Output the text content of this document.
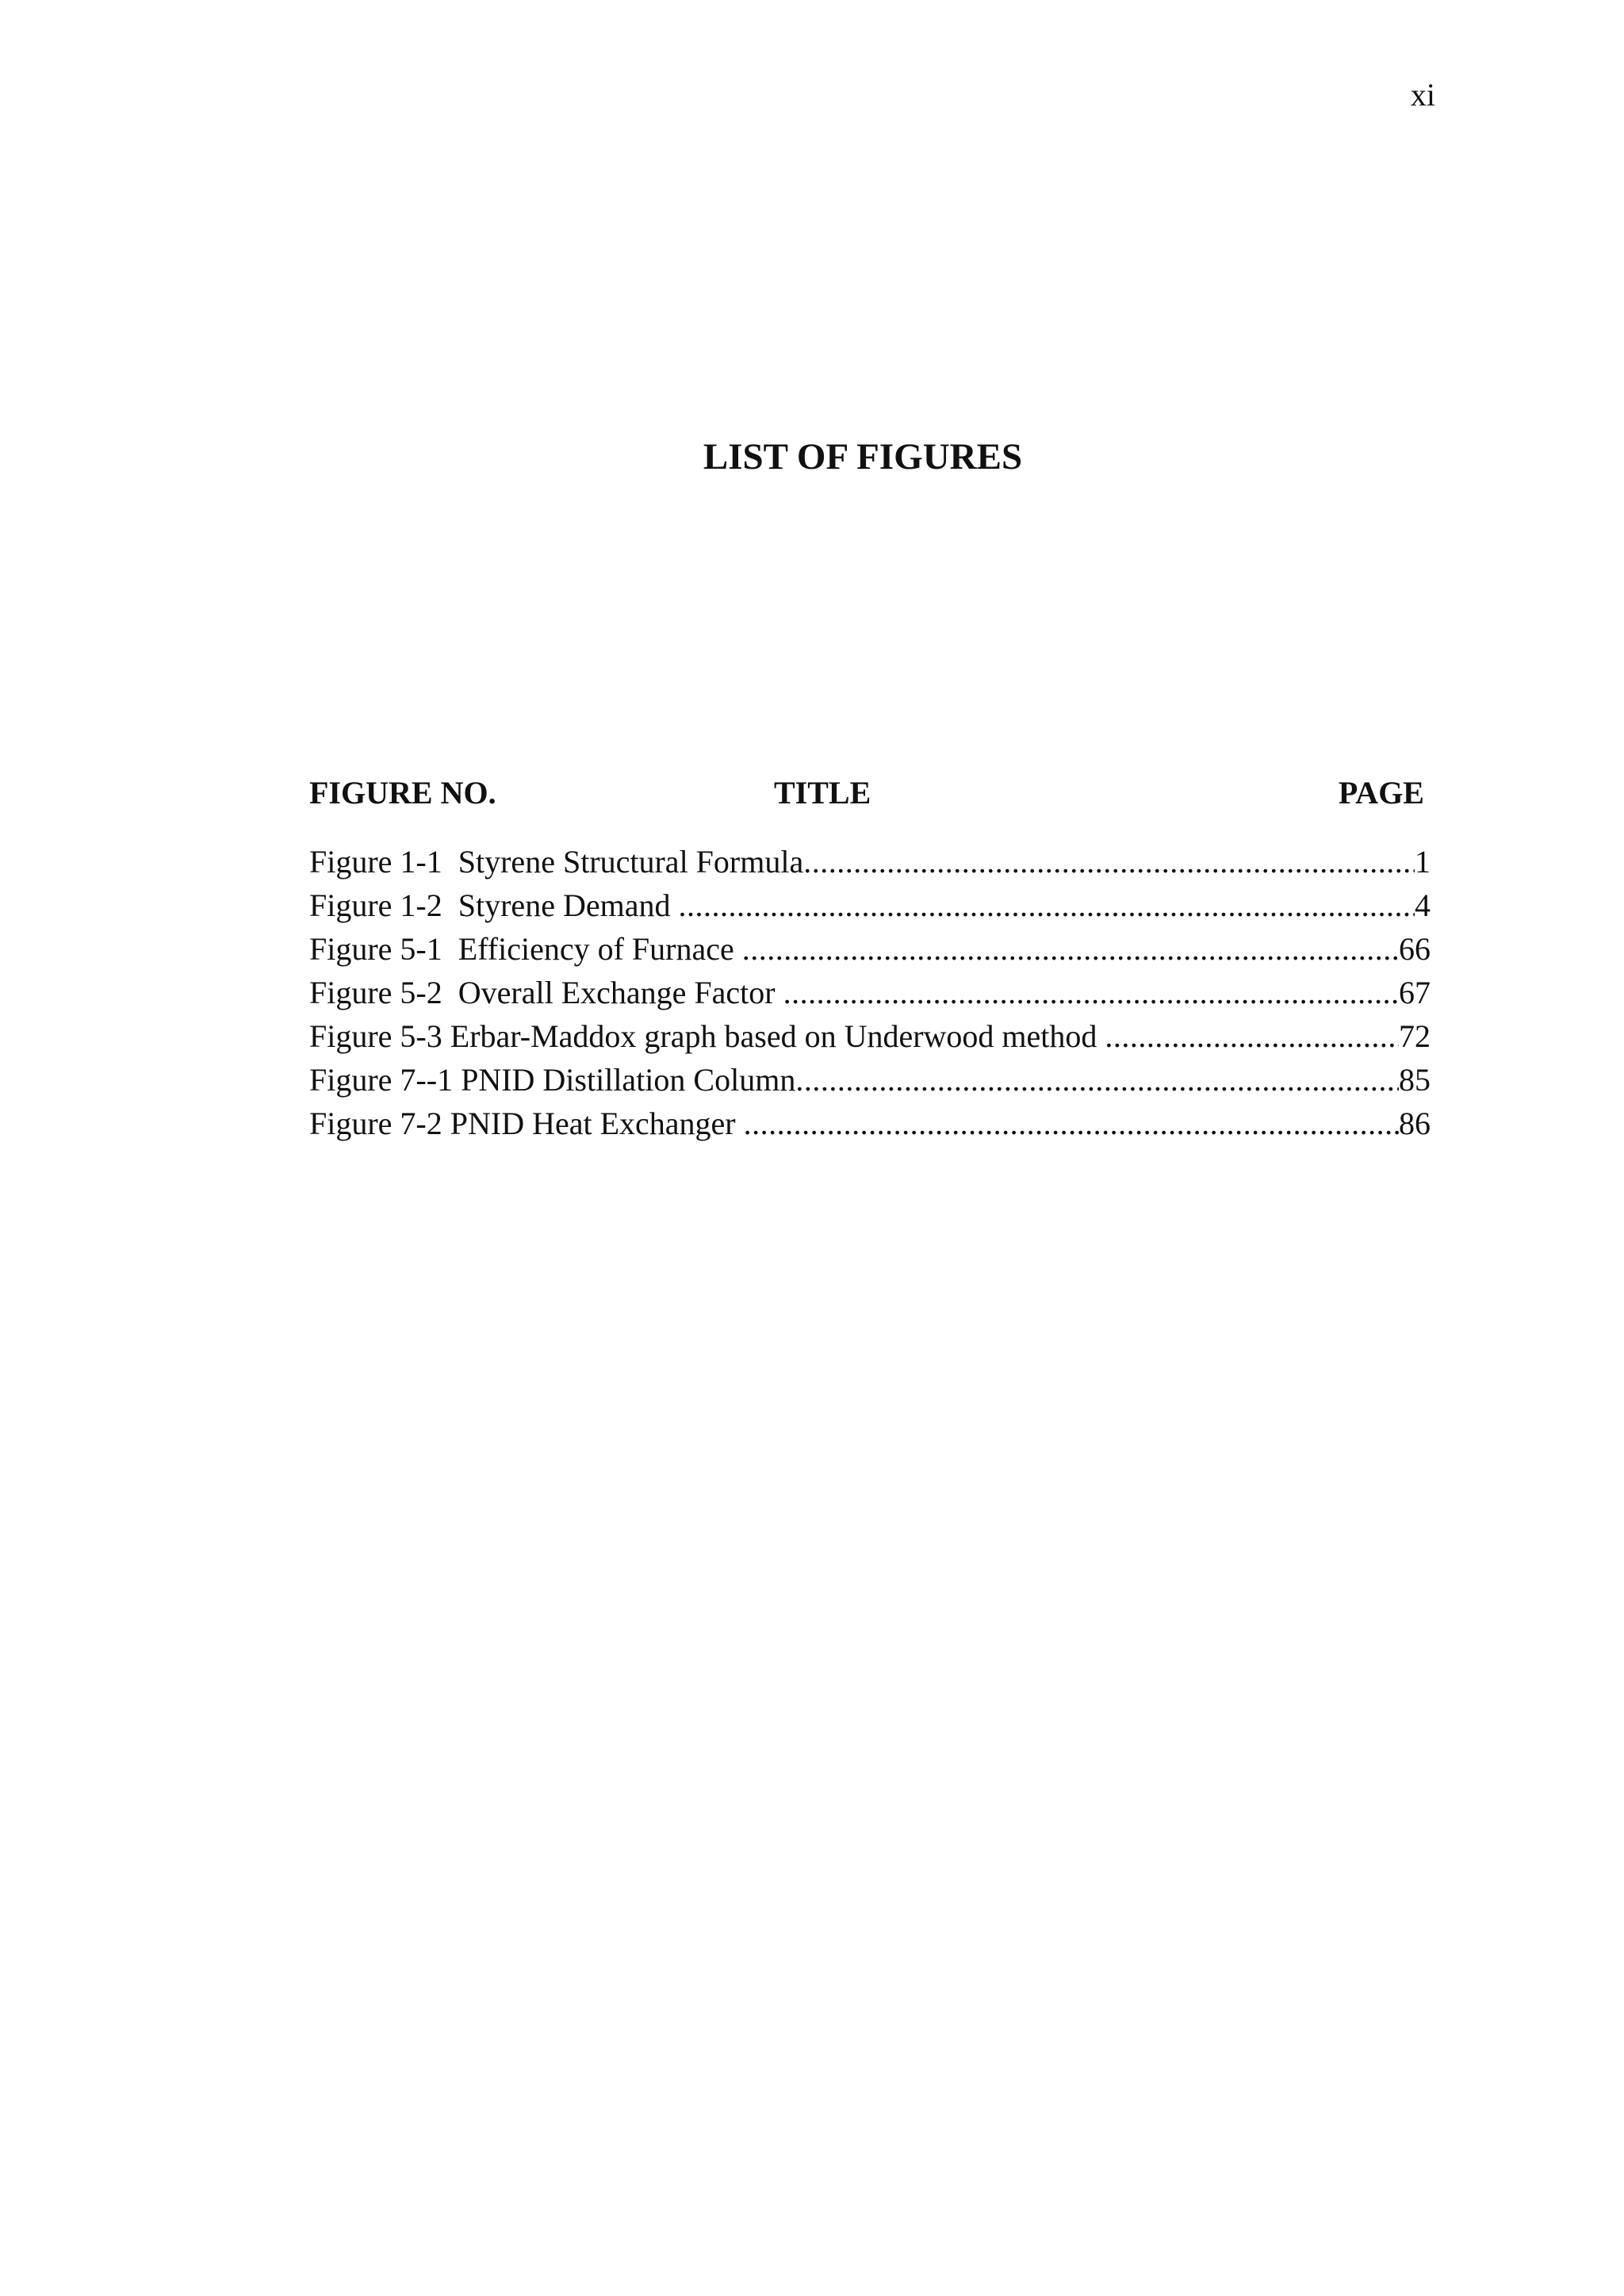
xi
LIST OF FIGURES
FIGURE NO.	TITLE	PAGE
Figure 1-1  Styrene Structural Formula .....	1
Figure 1-2  Styrene Demand .....	4
Figure 5-1  Efficiency of Furnace .....	66
Figure 5-2  Overall Exchange Factor .....	67
Figure 5-3 Erbar-Maddox graph based on Underwood method .....	72
Figure 7--1 PNID Distillation Column .....	85
Figure 7-2 PNID Heat Exchanger .....	86
